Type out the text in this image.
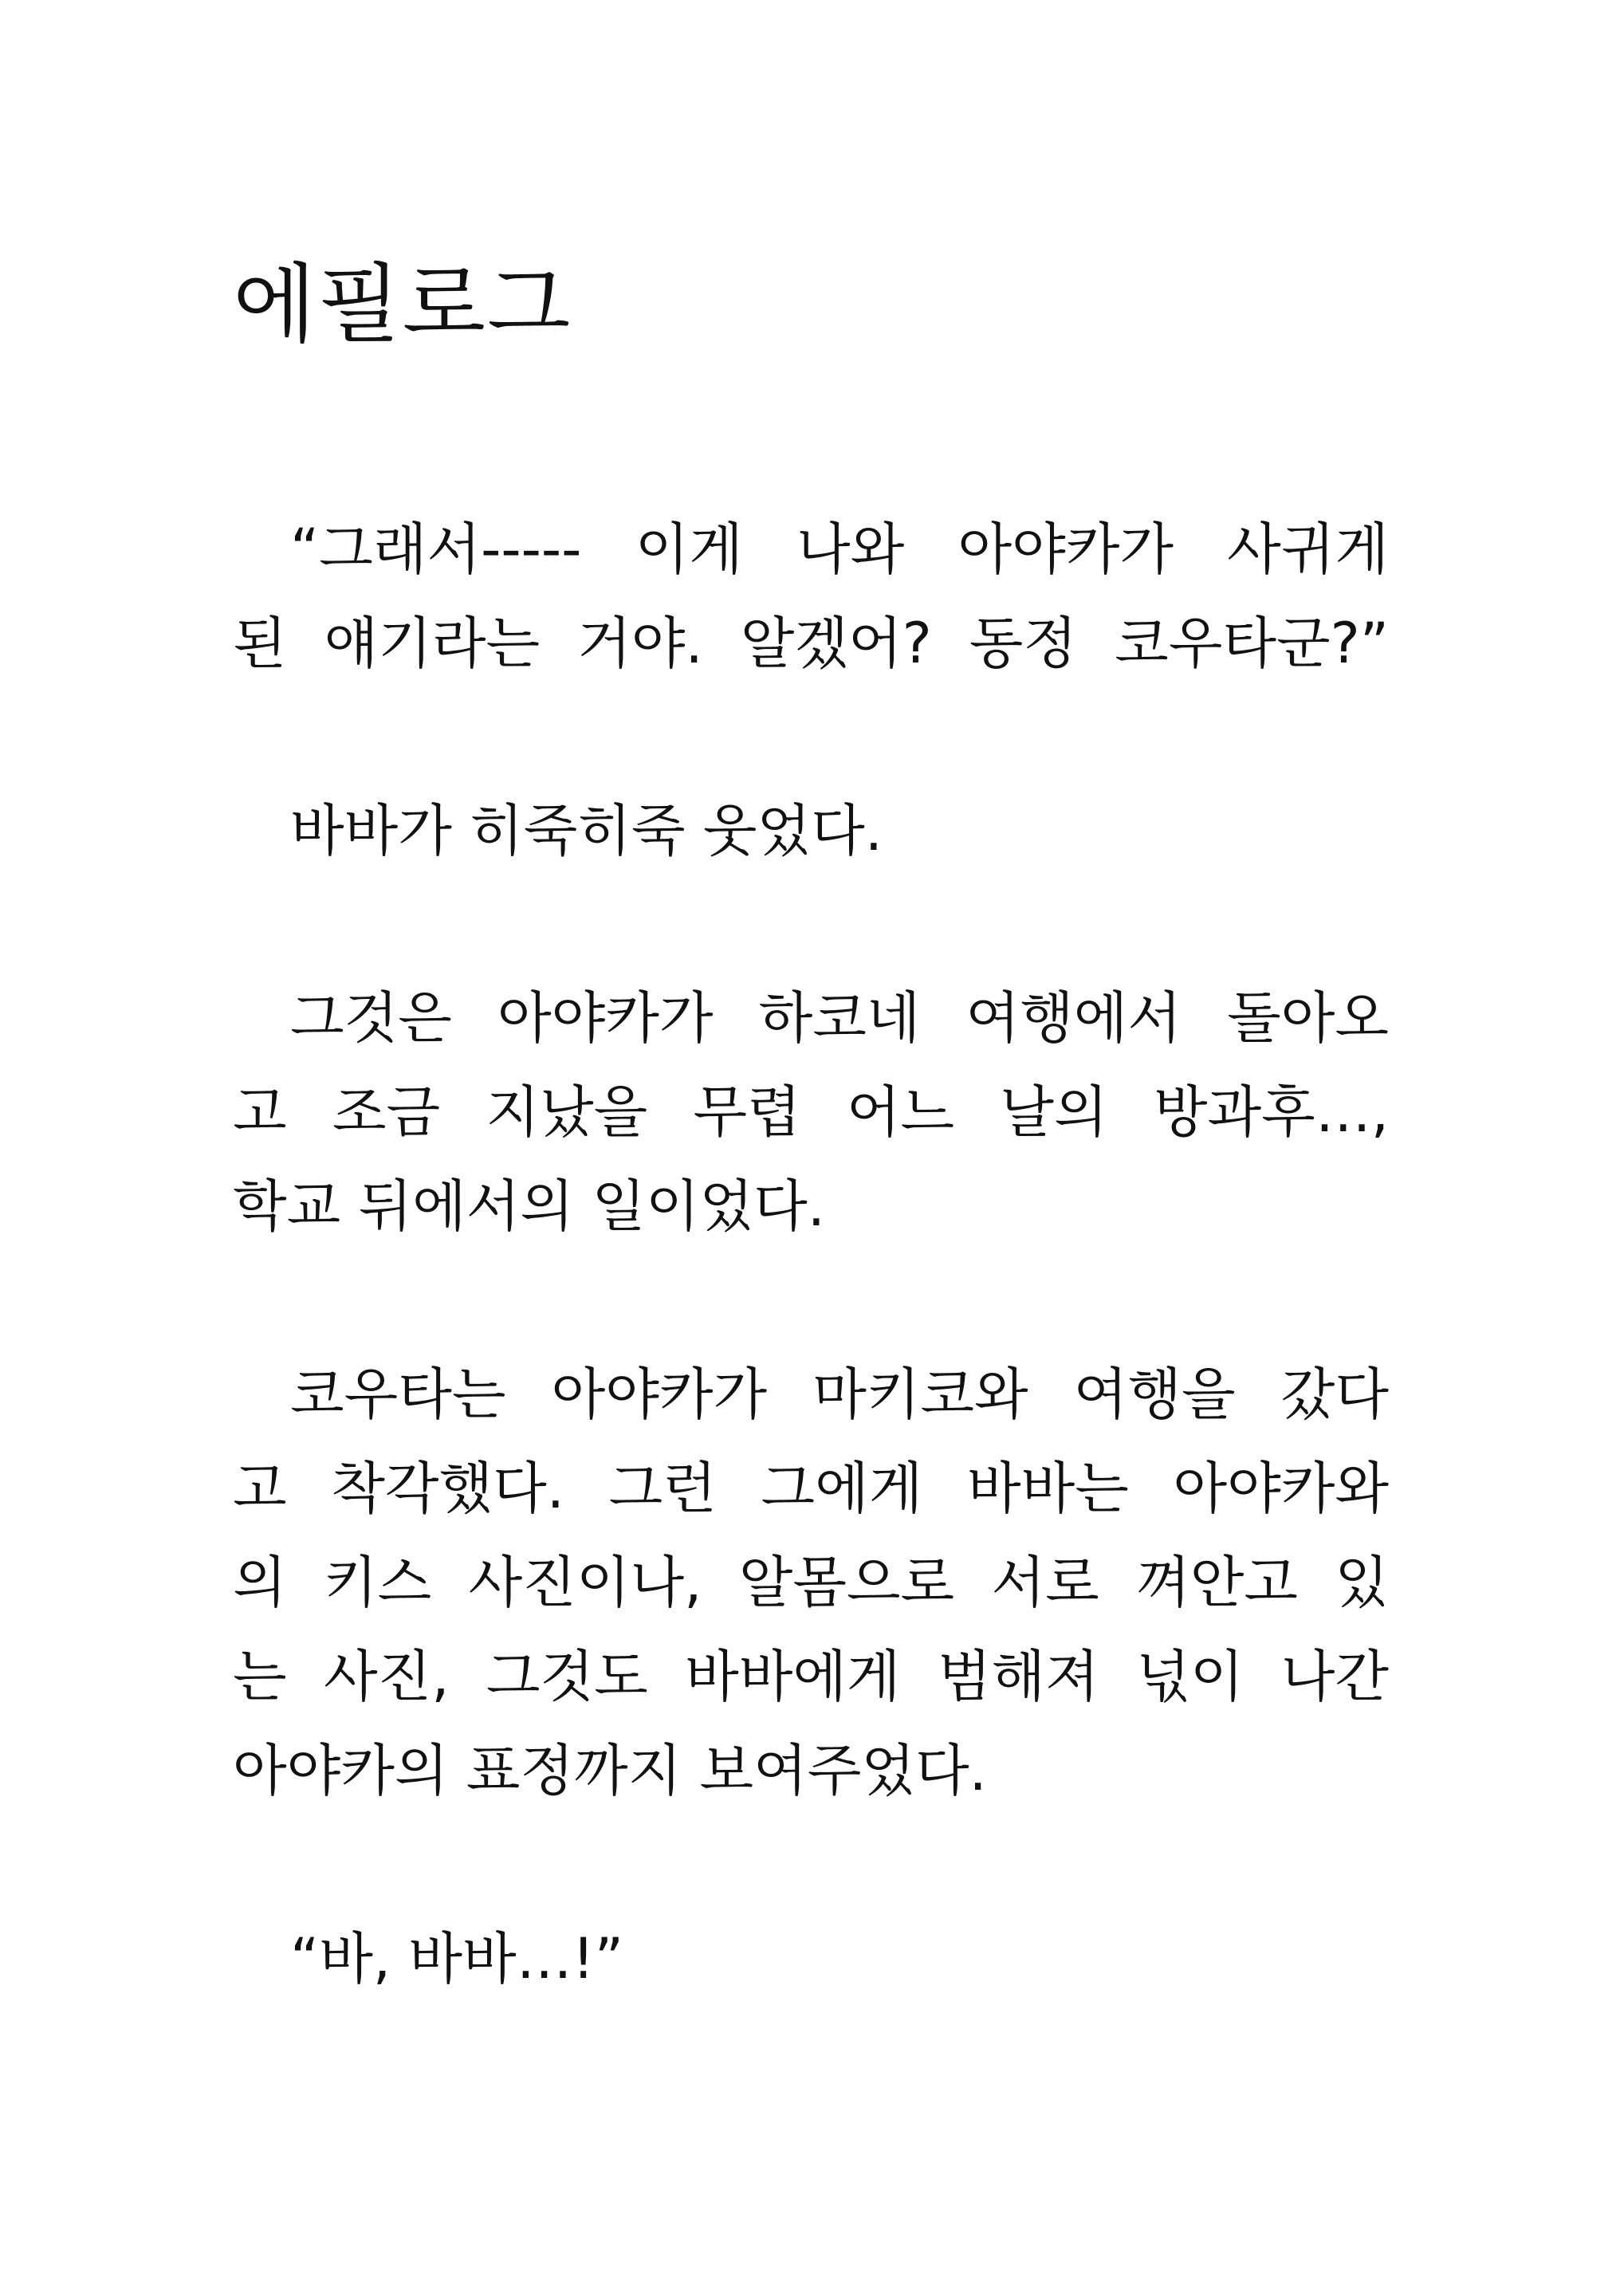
에필로그
“그래서----- 이게 나와 아야카가 사귀게
된 얘기라는 거야. 알겠어? 동정 코우타군?”
바바가 히죽히죽 웃었다.
그것은 아야카가 하코네 여행에서 돌아오
고 조금 지났을 무렵 어느 날의 방과후…,
학교 뒤에서의 일이었다.
코우타는 아야카가 마키코와 여행을 갔다
고 착각했다. 그런 그에게 바바는 아야카와
의 키스 사진이나, 알몸으로 서로 껴안고 있
는 사진, 그것도 바바에게 범해져 넋이 나간
아야카의 표정까지 보여주었다.
“바, 바바…!”
